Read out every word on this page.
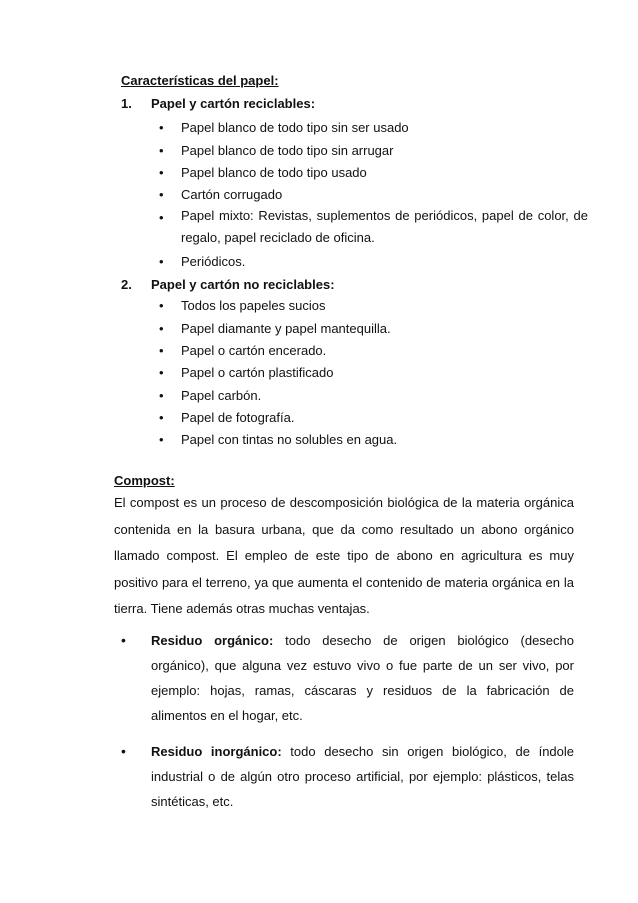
Características del papel:
1. Papel y cartón reciclables:
• Papel blanco de todo tipo sin ser usado
• Papel blanco de todo tipo sin arrugar
• Papel blanco de todo tipo usado
• Cartón corrugado
• Papel mixto: Revistas, suplementos de periódicos, papel de color, de regalo, papel reciclado de oficina.
• Periódicos.
2. Papel y cartón no reciclables:
• Todos los papeles sucios
• Papel diamante y papel mantequilla.
• Papel o cartón encerado.
• Papel o cartón plastificado
• Papel carbón.
• Papel de fotografía.
• Papel con tintas no solubles en agua.
Compost:
El compost es un proceso de descomposición biológica de la materia orgánica contenida en la basura urbana, que da como resultado un abono orgánico llamado compost. El empleo de este tipo de abono en agricultura es muy positivo para el terreno, ya que aumenta el contenido de materia orgánica en la tierra. Tiene además otras muchas ventajas.
• Residuo orgánico: todo desecho de origen biológico (desecho orgánico), que alguna vez estuvo vivo o fue parte de un ser vivo, por ejemplo: hojas, ramas, cáscaras y residuos de la fabricación de alimentos en el hogar, etc.
• Residuo inorgánico: todo desecho sin origen biológico, de índole industrial o de algún otro proceso artificial, por ejemplo: plásticos, telas sintéticas, etc.
